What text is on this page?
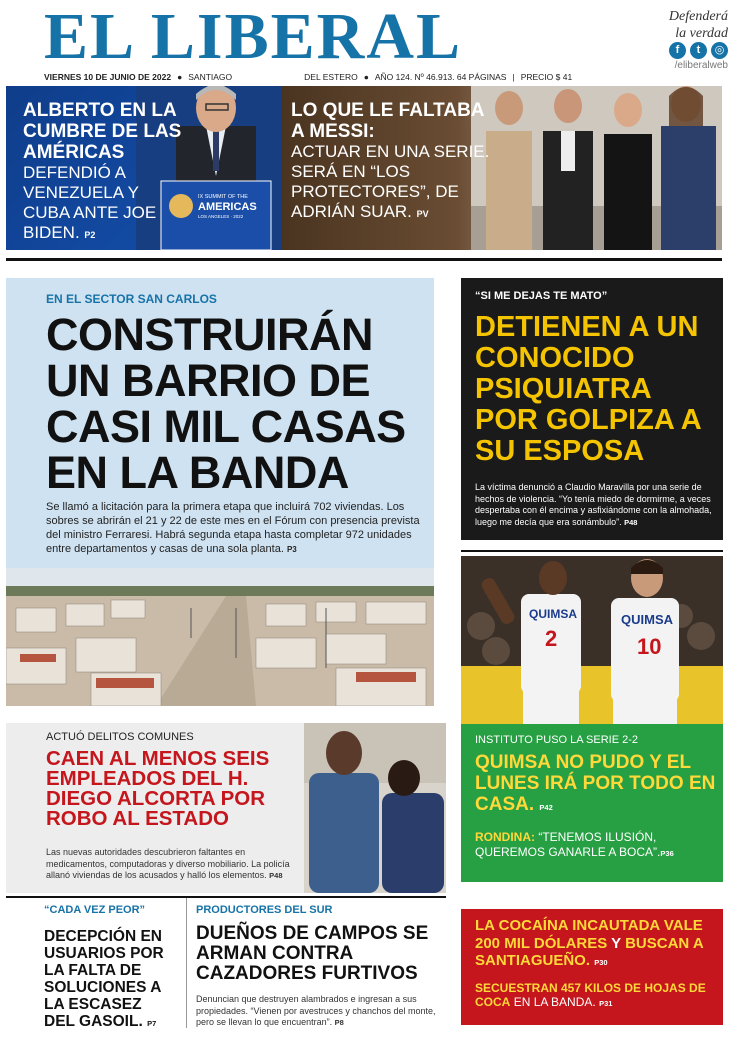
EL LIBERAL	Defenderá
la verdad
f	t	◎
/eliberalweb
VIERNES 10 DE JUNIO DE 2022 ● SANTIAGO	DEL ESTERO ● AÑO 124. Nº 46.913. 64 PÁGINAS | PRECIO $ 41
IX SUMMIT OF THE
AMERICAS
LOS ANGELES · 2022
ALBERTO EN LA CUMBRE DE LAS AMÉRICAS
DEFENDIÓ A VENEZUELA Y CUBA ANTE JOE BIDEN. P2
LO QUE LE FALTABA A MESSI:
ACTUAR EN UNA SERIE. SERÁ EN “LOS PROTECTORES”, DE ADRIÁN SUAR. PV
EN EL SECTOR SAN CARLOS
CONSTRUIRÁN UN BARRIO DE CASI MIL CASAS EN LA BANDA
Se llamó a licitación para la primera etapa que incluirá 702 viviendas. Los sobres se abrirán el 21 y 22 de este mes en el Fórum con presencia prevista del ministro Ferraresi. Habrá segunda etapa hasta completar 972 unidades entre departamentos y casas de una sola planta. P3
“SI ME DEJAS TE MATO”
DETIENEN A UN CONOCIDO PSIQUIATRA POR GOLPIZA A SU ESPOSA
La víctima denunció a Claudio Maravilla por una serie de hechos de violencia. “Yo tenía miedo de dormirme, a veces despertaba con él encima y asfixiándome con la almohada, luego me decía que era sonámbulo”. P48
QUIMSA
2
QUIMSA
10
INSTITUTO PUSO LA SERIE 2-2
QUIMSA NO PUDO Y EL LUNES IRÁ POR TODO EN CASA. P42
RONDINA: “TENEMOS ILUSIÓN, QUEREMOS GANARLE A BOCA”.P36
ACTUÓ DELITOS COMUNES
CAEN AL MENOS SEIS EMPLEADOS DEL H. DIEGO ALCORTA POR ROBO AL ESTADO
Las nuevas autoridades descubrieron faltantes en medicamentos, computadoras y diverso mobiliario. La policía allanó viviendas de los acusados y halló los elementos. P48
“CADA VEZ PEOR”
DECEPCIÓN EN USUARIOS POR LA FALTA DE SOLUCIONES A LA ESCASEZ DEL GASOIL. P7
PRODUCTORES DEL SUR
DUEÑOS DE CAMPOS SE ARMAN CONTRA CAZADORES FURTIVOS
Denuncian que destruyen alambrados e ingresan a sus propiedades. “Vienen por avestruces y chanchos del monte, pero se llevan lo que encuentran”. P8
LA COCAÍNA INCAUTADA VALE 200 MIL DÓLARES Y BUSCAN A SANTIAGUEÑO. P30
SECUESTRAN 457 KILOS DE HOJAS DE COCA EN LA BANDA. P31
